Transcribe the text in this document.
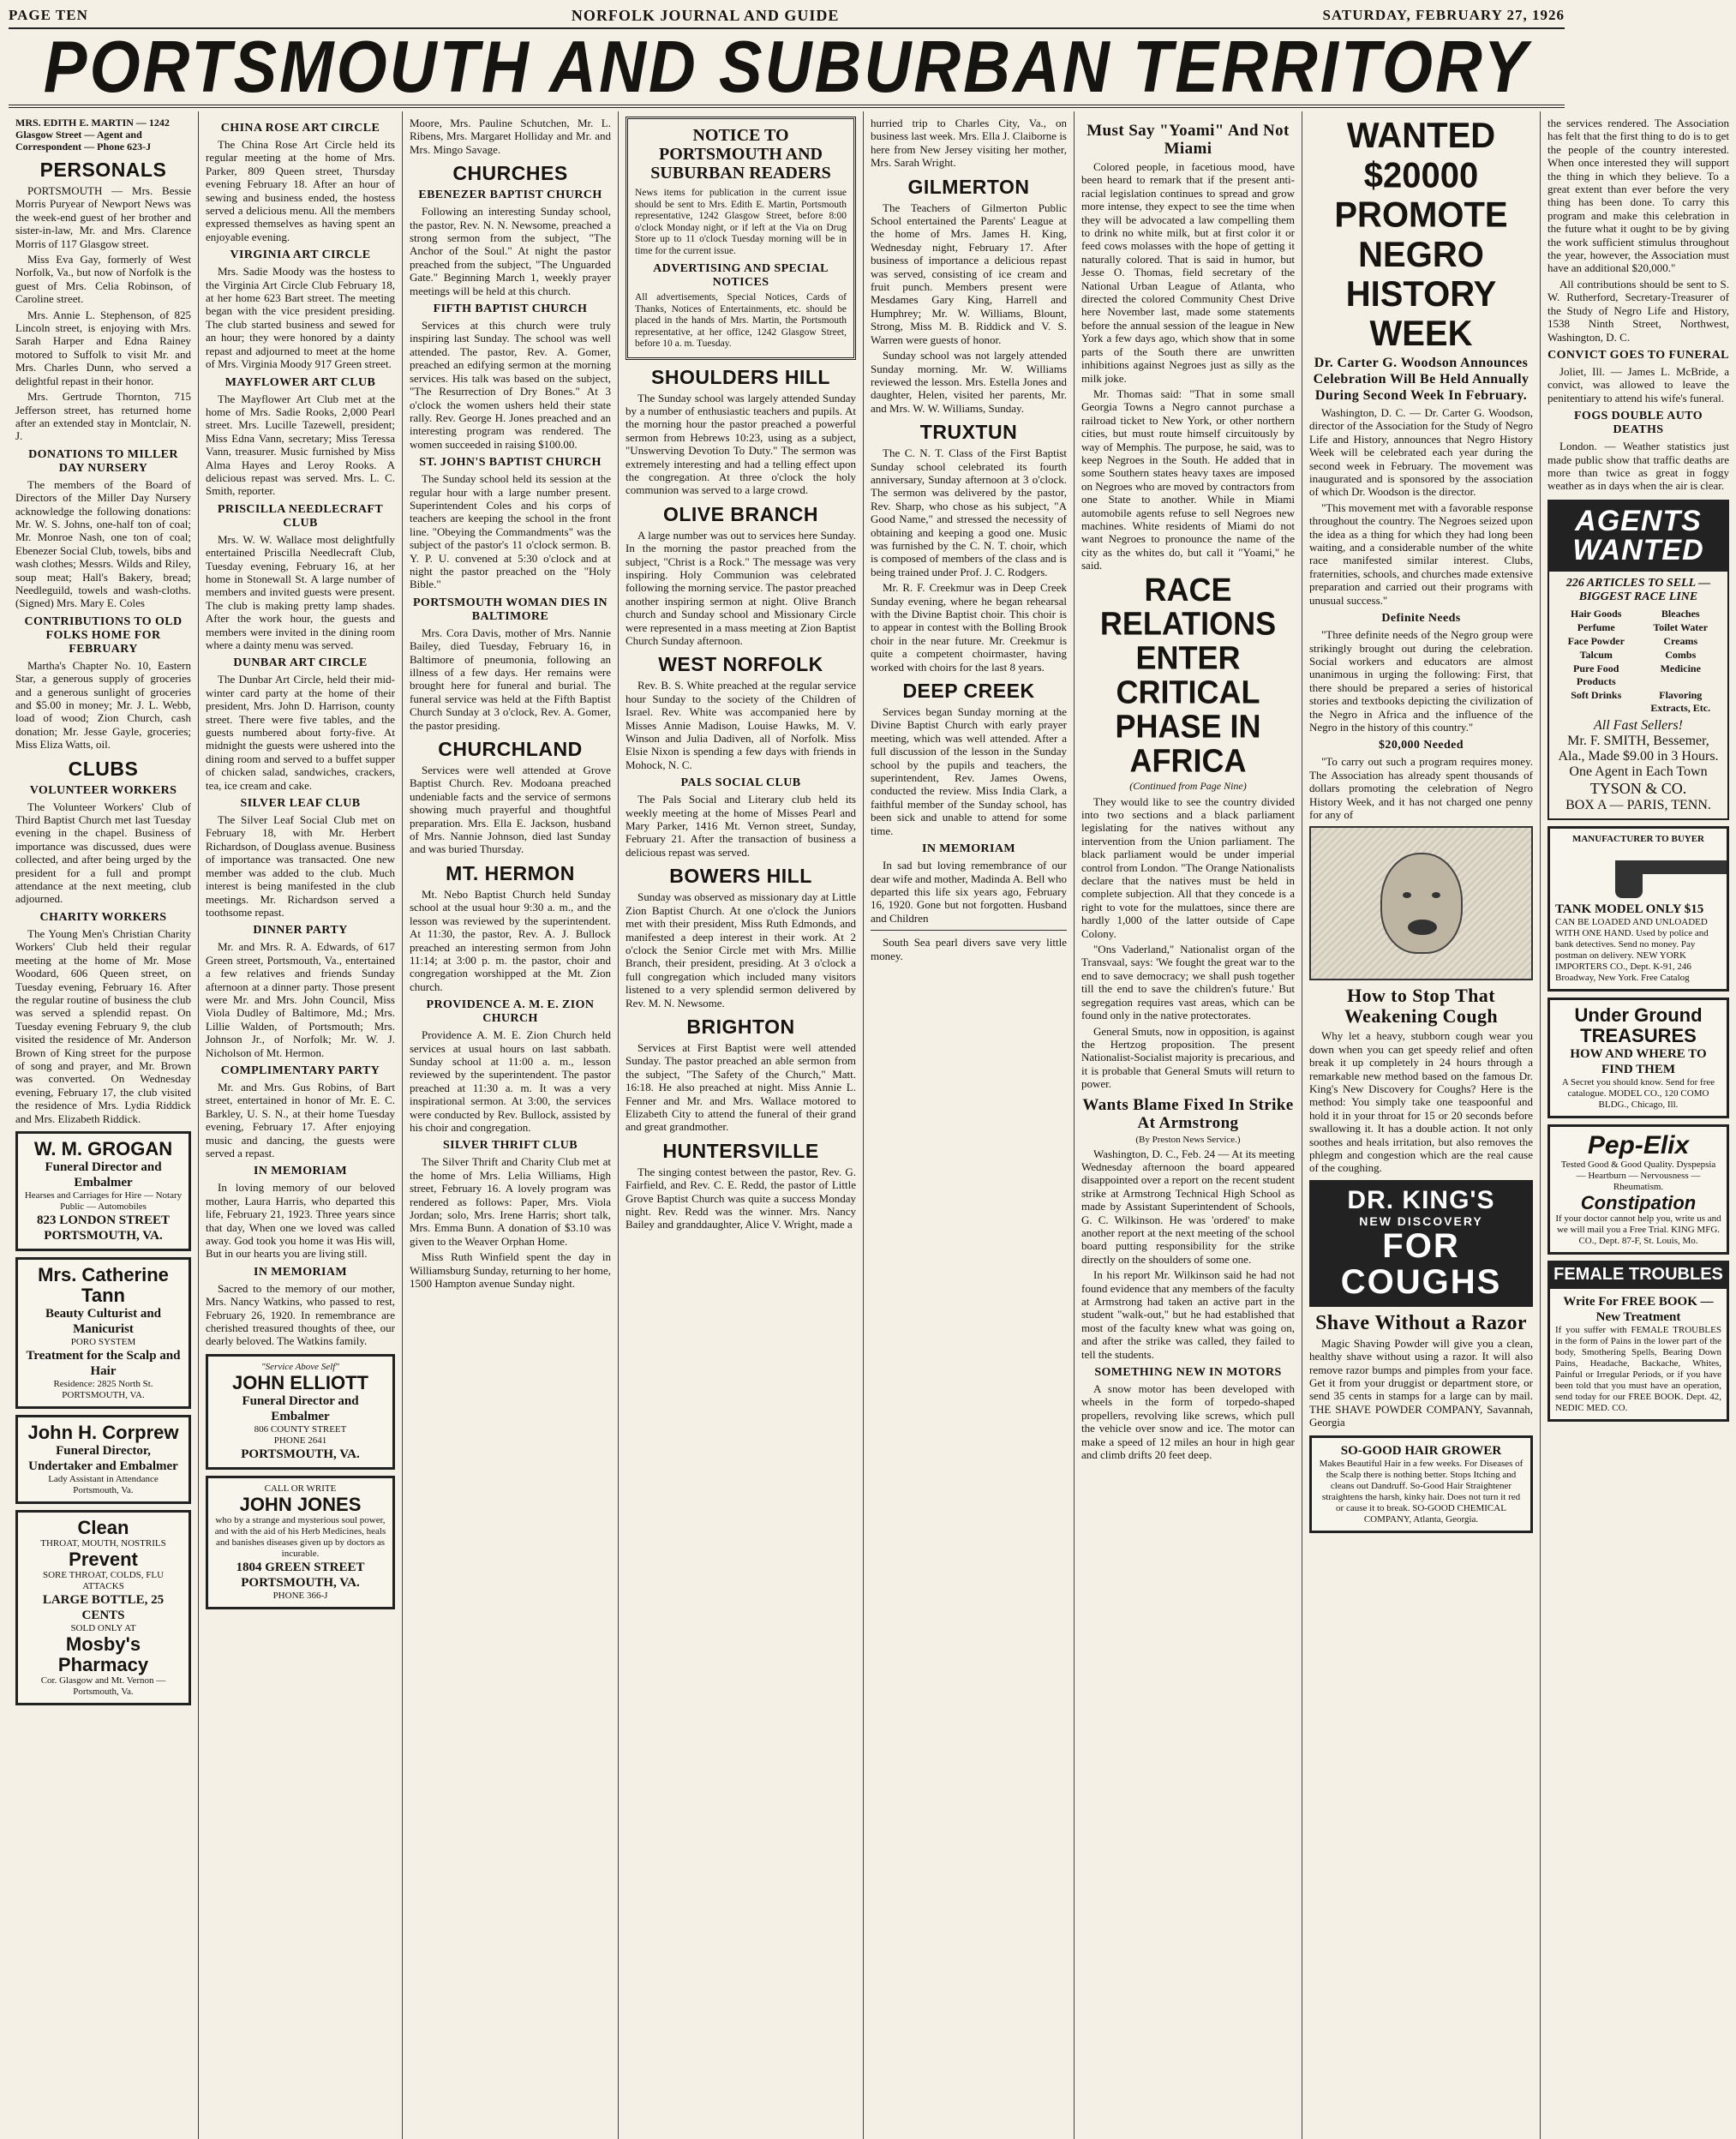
PAGE TEN	NORFOLK JOURNAL AND GUIDE	SATURDAY, FEBRUARY 27, 1926
PORTSMOUTH AND SUBURBAN TERRITORY
MRS. EDITH E. MARTIN — 1242 Glasgow Street — Agent and Correspondent — Phone 623-J
PERSONALS

PORTSMOUTH — Mrs. Bessie Morris Puryear of Newport News was the week-end guest of her brother and sister-in-law, Mr. and Mrs. Clarence Morris of 117 Glasgow street.

Miss Eva Gay, formerly of West Norfolk, Va., but now of Norfolk is the guest of Mrs. Celia Robinson, of Caroline street.

Mrs. Annie L. Stephenson, of 825 Lincoln street, is enjoying with Mrs. Sarah Harper and Edna Rainey motored to Suffolk to visit Mr. and Mrs. Charles Dunn, who served a delightful repast in their honor.

Mrs. Gertrude Thornton, 715 Jefferson street, has returned home after an extended stay in Montclair, N. J.

DONATIONS TO MILLER DAY NURSERY

The members of the Board of Directors of the Miller Day Nursery acknowledge the following donations: Mr. W. S. Johns, one-half ton of coal; Mr. Monroe Nash, one ton of coal; Ebenezer Social Club, towels, bibs and wash clothes; Messrs. Wilds and Riley, soup meat; Hall's Bakery, bread; Needleguild, towels and wash-cloths. (Signed) Mrs. Mary E. Coles

CONTRIBUTIONS TO OLD FOLKS HOME FOR FEBRUARY

Martha's Chapter No. 10, Eastern Star, a generous supply of groceries and a generous sunlight of groceries and $5.00 in money; Mr. J. L. Webb, load of wood; Zion Church, cash donation; Mr. Jesse Gayle, groceries; Miss Eliza Watts, oil.

CLUBS
VOLUNTEER WORKERS

The Volunteer Workers' Club of Third Baptist Church met last Tuesday evening in the chapel. Business of importance was discussed, dues were collected, and after being urged by the president for a full and prompt attendance at the next meeting, club adjourned.

CHARITY WORKERS

The Young Men's Christian Charity Workers' Club held their regular meeting at the home of Mr. Mose Woodard, 606 Queen street, on Tuesday evening, February 16. After the regular routine of business the club was served a splendid repast. On Tuesday evening February 9, the club visited the residence of Mr. Anderson Brown of King street for the purpose of song and prayer, and Mr. Brown was converted. On Wednesday evening, February 17, the club visited the residence of Mrs. Lydia Riddick and Mrs. Elizabeth Riddick.

W. M. GROGAN
Funeral Director and Embalmer
Hearses and Carriages for Hire — Notary Public — Automobiles
823 LONDON STREET
PORTSMOUTH, VA.
Mrs. Catherine Tann
Beauty Culturist and Manicurist
PORO SYSTEM
Treatment for the Scalp and Hair
Residence: 2825 North St.
PORTSMOUTH, VA.
John H. Corprew
Funeral Director, Undertaker and Embalmer
Lady Assistant in Attendance
Portsmouth, Va.
Clean
THROAT, MOUTH, NOSTRILS
Prevent
SORE THROAT, COLDS, FLU ATTACKS
LARGE BOTTLE, 25 CENTS
SOLD ONLY AT
Mosby's Pharmacy
Cor. Glasgow and Mt. Vernon — Portsmouth, Va.
CHINA ROSE ART CIRCLE

The China Rose Art Circle held its regular meeting at the home of Mrs. Parker, 809 Queen street, Thursday evening February 18. After an hour of sewing and business ended, the hostess served a delicious menu. All the members expressed themselves as having spent an enjoyable evening.

VIRGINIA ART CIRCLE

Mrs. Sadie Moody was the hostess to the Virginia Art Circle Club February 18, at her home 623 Bart street. The meeting began with the vice president presiding. The club started business and sewed for an hour; they were honored by a dainty repast and adjourned to meet at the home of Mrs. Virginia Moody 917 Green street.

MAYFLOWER ART CLUB

The Mayflower Art Club met at the home of Mrs. Sadie Rooks, 2,000 Pearl street. Mrs. Lucille Tazewell, president; Miss Edna Vann, secretary; Miss Teressa Vann, treasurer. Music furnished by Miss Alma Hayes and Leroy Rooks. A delicious repast was served. Mrs. L. C. Smith, reporter.

PRISCILLA NEEDLECRAFT CLUB

Mrs. W. W. Wallace most delightfully entertained Priscilla Needlecraft Club, Tuesday evening, February 16, at her home in Stonewall St. A large number of members and invited guests were present. The club is making pretty lamp shades. After the work hour, the guests and members were invited in the dining room where a dainty menu was served.

DUNBAR ART CIRCLE

The Dunbar Art Circle, held their mid-winter card party at the home of their president, Mrs. John D. Harrison, county street. There were five tables, and the guests numbered about forty-five. At midnight the guests were ushered into the dining room and served to a buffet supper of chicken salad, sandwiches, crackers, tea, ice cream and cake.

SILVER LEAF CLUB

The Silver Leaf Social Club met on February 18, with Mr. Herbert Richardson, of Douglass avenue. Business of importance was transacted. One new member was added to the club. Much interest is being manifested in the club meetings. Mr. Richardson served a toothsome repast.

DINNER PARTY

Mr. and Mrs. R. A. Edwards, of 617 Green street, Portsmouth, Va., entertained a few relatives and friends Sunday afternoon at a dinner party. Those present were Mr. and Mrs. John Council, Miss Viola Dudley of Baltimore, Md.; Mrs. Lillie Walden, of Portsmouth; Mrs. Johnson Jr., of Norfolk; Mr. W. J. Nicholson of Mt. Hermon.

COMPLIMENTARY PARTY

Mr. and Mrs. Gus Robins, of Bart street, entertained in honor of Mr. E. C. Barkley, U. S. N., at their home Tuesday evening, February 17. After enjoying music and dancing, the guests were served a repast.

IN MEMORIAM

In loving memory of our beloved mother, Laura Harris, who departed this life, February 21, 1923. Three years since that day, When one we loved was called away. God took you home it was His will, But in our hearts you are living still.

IN MEMORIAM

Sacred to the memory of our mother, Mrs. Nancy Watkins, who passed to rest, February 26, 1920. In remembrance are cherished treasured thoughts of thee, our dearly beloved. The Watkins family.

"Service Above Self"
JOHN ELLIOTT
Funeral Director and Embalmer
806 COUNTY STREET
PHONE 2641
PORTSMOUTH, VA.
CALL OR WRITE
JOHN JONES
who by a strange and mysterious soul power, and with the aid of his Herb Medicines, heals and banishes diseases given up by doctors as incurable.
1804 GREEN STREET
PORTSMOUTH, VA.
PHONE 366-J

Moore, Mrs. Pauline Schutchen, Mr. L. Ribens, Mrs. Margaret Holliday and Mr. and Mrs. Mingo Savage.

CHURCHES
EBENEZER BAPTIST CHURCH

Following an interesting Sunday school, the pastor, Rev. N. N. Newsome, preached a strong sermon from the subject, "The Anchor of the Soul." At night the pastor preached from the subject, "The Unguarded Gate." Beginning March 1, weekly prayer meetings will be held at this church.

FIFTH BAPTIST CHURCH

Services at this church were truly inspiring last Sunday. The school was well attended. The pastor, Rev. A. Gomer, preached an edifying sermon at the morning services. His talk was based on the subject, "The Resurrection of Dry Bones." At 3 o'clock the women ushers held their state rally. Rev. George H. Jones preached and an interesting program was rendered. The women succeeded in raising $100.00.

ST. JOHN'S BAPTIST CHURCH

The Sunday school held its session at the regular hour with a large number present. Superintendent Coles and his corps of teachers are keeping the school in the front line. "Obeying the Commandments" was the subject of the pastor's 11 o'clock sermon. B. Y. P. U. convened at 5:30 o'clock and at night the pastor preached on the "Holy Bible."

PORTSMOUTH WOMAN DIES IN BALTIMORE

Mrs. Cora Davis, mother of Mrs. Nannie Bailey, died Tuesday, February 16, in Baltimore of pneumonia, following an illness of a few days. Her remains were brought here for funeral and burial. The funeral service was held at the Fifth Baptist Church Sunday at 3 o'clock, Rev. A. Gomer, the pastor presiding.

CHURCHLAND

Services were well attended at Grove Baptist Church. Rev. Modoana preached undeniable facts and the service of sermons showing much prayerful and thoughtful preparation. Mrs. Ella E. Jackson, husband of Mrs. Nannie Johnson, died last Sunday and was buried Thursday.

MT. HERMON

Mt. Nebo Baptist Church held Sunday school at the usual hour 9:30 a. m., and the lesson was reviewed by the superintendent. At 11:30, the pastor, Rev. A. J. Bullock preached an interesting sermon from John 11:14; at 3:00 p. m. the pastor, choir and congregation worshipped at the Mt. Zion church.

PROVIDENCE A. M. E. ZION CHURCH

Providence A. M. E. Zion Church held services at usual hours on last sabbath. Sunday school at 11:00 a. m., lesson reviewed by the superintendent. The pastor preached at 11:30 a. m. It was a very inspirational sermon. At 3:00, the services were conducted by Rev. Bullock, assisted by his choir and congregation.

SILVER THRIFT CLUB

The Silver Thrift and Charity Club met at the home of Mrs. Lelia Williams, High street, February 16. A lovely program was rendered as follows: Paper, Mrs. Viola Jordan; solo, Mrs. Irene Harris; short talk, Mrs. Emma Bunn. A donation of $3.10 was given to the Weaver Orphan Home.

Miss Ruth Winfield spent the day in Williamsburg Sunday, returning to her home, 1500 Hampton avenue Sunday night.

NOTICE TO PORTSMOUTH AND SUBURBAN READERS

News items for publication in the current issue should be sent to Mrs. Edith E. Martin, Portsmouth representative, 1242 Glasgow Street, before 8:00 o'clock Monday night, or if left at the Via on Drug Store up to 11 o'clock Tuesday morning will be in time for the current issue.

ADVERTISING AND SPECIAL NOTICES

All advertisements, Special Notices, Cards of Thanks, Notices of Entertainments, etc. should be placed in the hands of Mrs. Martin, the Portsmouth representative, at her office, 1242 Glasgow Street, before 10 a. m. Tuesday.

SHOULDERS HILL

The Sunday school was largely attended Sunday by a number of enthusiastic teachers and pupils. At the morning hour the pastor preached a powerful sermon from Hebrews 10:23, using as a subject, "Unswerving Devotion To Duty." The sermon was extremely interesting and had a telling effect upon the congregation. At three o'clock the holy communion was served to a large crowd.

OLIVE BRANCH

A large number was out to services here Sunday. In the morning the pastor preached from the subject, "Christ is a Rock." The message was very inspiring. Holy Communion was celebrated following the morning service. The pastor preached another inspiring sermon at night. Olive Branch church and Sunday school and Missionary Circle were represented in a mass meeting at Zion Baptist Church Sunday afternoon.

WEST NORFOLK

Rev. B. S. White preached at the regular service hour Sunday to the society of the Children of Israel. Rev. White was accompanied here by Misses Annie Madison, Louise Hawks, M. V. Winson and Julia Dadiven, all of Norfolk. Miss Elsie Nixon is spending a few days with friends in Mohock, N. C.

PALS SOCIAL CLUB

The Pals Social and Literary club held its weekly meeting at the home of Misses Pearl and Mary Parker, 1416 Mt. Vernon street, Sunday, February 21. After the transaction of business a delicious repast was served.

BOWERS HILL

Sunday was observed as missionary day at Little Zion Baptist Church. At one o'clock the Juniors met with their president, Miss Ruth Edmonds, and manifested a deep interest in their work. At 2 o'clock the Senior Circle met with Mrs. Millie Branch, their president, presiding. At 3 o'clock a full congregation which included many visitors listened to a very splendid sermon delivered by Rev. M. N. Newsome.

BRIGHTON

Services at First Baptist were well attended Sunday. The pastor preached an able sermon from the subject, "The Safety of the Church," Matt. 16:18. He also preached at night. Miss Annie L. Fenner and Mr. and Mrs. Wallace motored to Elizabeth City to attend the funeral of their grand and great grandmother.

HUNTERSVILLE

The singing contest between the pastor, Rev. G. Fairfield, and Rev. C. E. Redd, the pastor of Little Grove Baptist Church was quite a success Monday night. Rev. Redd was the winner. Mrs. Nancy Bailey and granddaughter, Alice V. Wright, made a

hurried trip to Charles City, Va., on business last week. Mrs. Ella J. Claiborne is here from New Jersey visiting her mother, Mrs. Sarah Wright.

GILMERTON

The Teachers of Gilmerton Public School entertained the Parents' League at the home of Mrs. James H. King, Wednesday night, February 17. After business of importance a delicious repast was served, consisting of ice cream and fruit punch. Members present were Mesdames Gary King, Harrell and Humphrey; Mr. W. Williams, Blount, Strong, Miss M. B. Riddick and V. S. Warren were guests of honor.

Sunday school was not largely attended Sunday morning. Mr. W. Williams reviewed the lesson. Mrs. Estella Jones and daughter, Helen, visited her parents, Mr. and Mrs. W. W. Williams, Sunday.

TRUXTUN

The C. N. T. Class of the First Baptist Sunday school celebrated its fourth anniversary, Sunday afternoon at 3 o'clock. The sermon was delivered by the pastor, Rev. Sharp, who chose as his subject, "A Good Name," and stressed the necessity of obtaining and keeping a good one. Music was furnished by the C. N. T. choir, which is composed of members of the class and is being trained under Prof. J. C. Rodgers.

Mr. R. F. Creekmur was in Deep Creek Sunday evening, where he began rehearsal with the Divine Baptist choir. This choir is to appear in contest with the Bolling Brook choir in the near future. Mr. Creekmur is quite a competent choirmaster, having worked with choirs for the last 8 years.

DEEP CREEK

Services began Sunday morning at the Divine Baptist Church with early prayer meeting, which was well attended. After a full discussion of the lesson in the Sunday school by the pupils and teachers, the superintendent, Rev. James Owens, conducted the review. Miss India Clark, a faithful member of the Sunday school, has been sick and unable to attend for some time.

IN MEMORIAM

In sad but loving remembrance of our dear wife and mother, Madinda A. Bell who departed this life six years ago, February 16, 1920. Gone but not forgotten. Husband and Children

South Sea pearl divers save very little money.

Must Say "Yoami" And Not Miami

Colored people, in facetious mood, have been heard to remark that if the present anti-racial legislation continues to spread and grow more intense, they expect to see the time when they will be advocated a law compelling them to drink no white milk, but at first color it or feed cows molasses with the hope of getting it naturally colored. That is said in humor, but Jesse O. Thomas, field secretary of the National Urban League of Atlanta, who directed the colored Community Chest Drive here November last, made some statements before the annual session of the league in New York a few days ago, which show that in some parts of the South there are unwritten inhibitions against Negroes just as silly as the milk joke.

Mr. Thomas said: "That in some small Georgia Towns a Negro cannot purchase a railroad ticket to New York, or other northern cities, but must route himself circuitously by way of Memphis. The purpose, he said, was to keep Negroes in the South. He added that in some Southern states heavy taxes are imposed on Negroes who are moved by contractors from one State to another. While in Miami automobile agents refuse to sell Negroes new machines. White residents of Miami do not want Negroes to pronounce the name of the city as the whites do, but call it "Yoami," he said.

RACE RELATIONS ENTER CRITICAL PHASE IN AFRICA
(Continued from Page Nine)

They would like to see the country divided into two sections and a black parliament legislating for the natives without any intervention from the Union parliament. The black parliament would be under imperial control from London. "The Orange Nationalists declare that the natives must be held in complete subjection. All that they concede is a right to vote for the mulattoes, since there are hardly 1,000 of the latter outside of Cape Colony.

"Ons Vaderland," Nationalist organ of the Transvaal, says: 'We fought the great war to the end to save democracy; we shall push together till the end to save the children's future.' But segregation requires vast areas, which can be found only in the native protectorates.

General Smuts, now in opposition, is against the Hertzog proposition. The present Nationalist-Socialist majority is precarious, and it is probable that General Smuts will return to power.

Wants Blame Fixed In Strike At Armstrong
(By Preston News Service.)

Washington, D. C., Feb. 24 — At its meeting Wednesday afternoon the board appeared disappointed over a report on the recent student strike at Armstrong Technical High School as made by Assistant Superintendent of Schools, G. C. Wilkinson. He was 'ordered' to make another report at the next meeting of the school board putting responsibility for the strike directly on the shoulders of some one.

In his report Mr. Wilkinson said he had not found evidence that any members of the faculty at Armstrong had taken an active part in the student "walk-out," but he had established that most of the faculty knew what was going on, and after the strike was called, they failed to tell the students.

SOMETHING NEW IN MOTORS

A snow motor has been developed with wheels in the form of torpedo-shaped propellers, revolving like screws, which pull the vehicle over snow and ice. The motor can make a speed of 12 miles an hour in high gear and climb drifts 20 feet deep.

WANTED $20000 PROMOTE NEGRO HISTORY WEEK
Dr. Carter G. Woodson Announces Celebration Will Be Held Annually During Second Week In February.

Washington, D. C. — Dr. Carter G. Woodson, director of the Association for the Study of Negro Life and History, announces that Negro History Week will be celebrated each year during the second week in February. The movement was inaugurated and is sponsored by the association of which Dr. Woodson is the director.

"This movement met with a favorable response throughout the country. The Negroes seized upon the idea as a thing for which they had long been waiting, and a considerable number of the white race manifested similar interest. Clubs, fraternities, schools, and churches made extensive preparation and carried out their programs with unusual success."

Definite Needs

"Three definite needs of the Negro group were strikingly brought out during the celebration. Social workers and educators are almost unanimous in urging the following: First, that there should be prepared a series of historical stories and textbooks depicting the civilization of the Negro in Africa and the influence of the Negro in the history of this country."

$20,000 Needed

"To carry out such a program requires money. The Association has already spent thousands of dollars promoting the celebration of Negro History Week, and it has not charged one penny for any of

How to Stop That Weakening Cough

Why let a heavy, stubborn cough wear you down when you can get speedy relief and often break it up completely in 24 hours through a remarkable new method based on the famous Dr. King's New Discovery for Coughs? Here is the method: You simply take one teaspoonful and hold it in your throat for 15 or 20 seconds before swallowing it. It has a double action. It not only soothes and heals irritation, but also removes the phlegm and congestion which are the real cause of the coughing.

DR. KING'S
NEW DISCOVERY
FOR COUGHS
Shave Without a Razor

Magic Shaving Powder will give you a clean, healthy shave without using a razor. It will also remove razor bumps and pimples from your face. Get it from your druggist or department store, or send 35 cents in stamps for a large can by mail. THE SHAVE POWDER COMPANY, Savannah, Georgia

SO-GOOD HAIR GROWER
Makes Beautiful Hair in a few weeks. For Diseases of the Scalp there is nothing better. Stops Itching and cleans out Dandruff. So-Good Hair Straightener straightens the harsh, kinky hair. Does not turn it red or cause it to break. SO-GOOD CHEMICAL COMPANY, Atlanta, Georgia.

the services rendered. The Association has felt that the first thing to do is to get the people of the country interested. When once interested they will support the thing in which they believe. To a great extent than ever before the very thing has been done. To carry this program and make this celebration in the future what it ought to be by giving the work sufficient stimulus throughout the year, however, the Association must have an additional $20,000."

All contributions should be sent to S. W. Rutherford, Secretary-Treasurer of the Study of Negro Life and History, 1538 Ninth Street, Northwest, Washington, D. C.

CONVICT GOES TO FUNERAL

Joliet, Ill. — James L. McBride, a convict, was allowed to leave the penitentiary to attend his wife's funeral.

FOGS DOUBLE AUTO DEATHS

London. — Weather statistics just made public show that traffic deaths are more than twice as great in foggy weather as in days when the air is clear.

AGENTS WANTED
226 ARTICLES TO SELL — BIGGEST RACE LINE
Hair Goods	Bleaches
Perfume	Toilet Water
Face Powder	Creams
Talcum	Combs
Pure Food Products
Medicine
Soft Drinks	Flavoring Extracts, Etc.
All Fast Sellers!
Mr. F. SMITH, Bessemer, Ala., Made $9.00 in 3 Hours. One Agent in Each Town
TYSON & CO.
BOX A — PARIS, TENN.
MANUFACTURER TO BUYER
TANK MODEL ONLY $15
CAN BE LOADED AND UNLOADED WITH ONE HAND. Used by police and bank detectives. Send no money. Pay postman on delivery. NEW YORK IMPORTERS CO., Dept. K-91, 246 Broadway, New York. Free Catalog
Under Ground TREASURES
HOW AND WHERE TO FIND THEM
A Secret you should know. Send for free catalogue. MODEL CO., 120 COMO BLDG., Chicago, Ill.
Pep-Elix
Tested Good & Good Quality. Dyspepsia — Heartburn — Nervousness — Rheumatism.
Constipation
If your doctor cannot help you, write us and we will mail you a Free Trial. KING MFG. CO., Dept. 87-F, St. Louis, Mo.
FEMALE TROUBLES
Write For FREE BOOK — New Treatment
If you suffer with FEMALE TROUBLES in the form of Pains in the lower part of the body, Smothering Spells, Bearing Down Pains, Headache, Backache, Whites, Painful or Irregular Periods, or if you have been told that you must have an operation, send today for our FREE BOOK. Dept. 42, NEDIC MED. CO.
